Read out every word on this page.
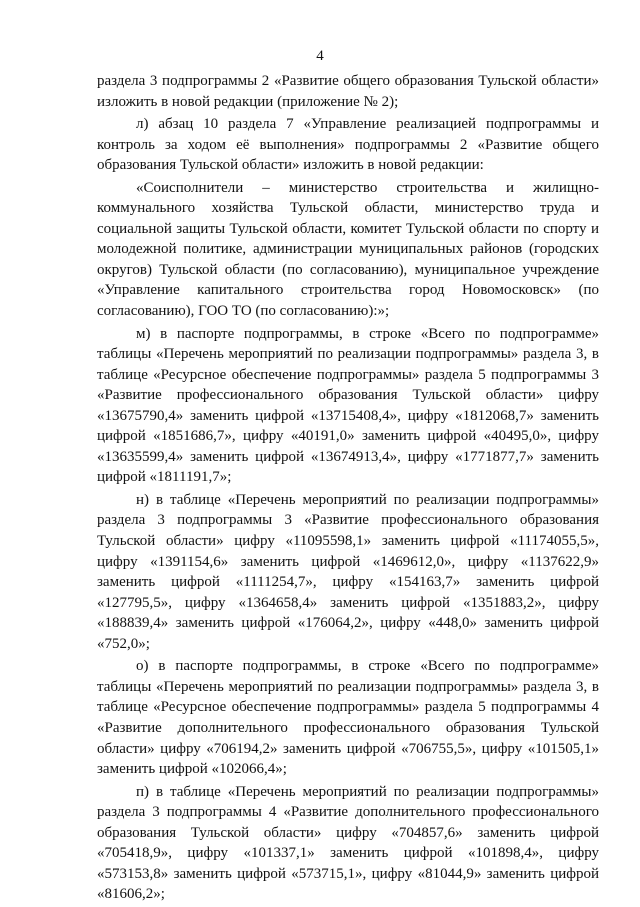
4

раздела 3 подпрограммы 2 «Развитие общего образования Тульской области» изложить в новой редакции (приложение № 2);

л) абзац 10 раздела 7 «Управление реализацией подпрограммы и контроль за ходом её выполнения» подпрограммы 2 «Развитие общего образования Тульской области» изложить в новой редакции:

«Соисполнители – министерство строительства и жилищно-коммунального хозяйства Тульской области, министерство труда и социальной защиты Тульской области, комитет Тульской области по спорту и молодежной политике, администрации муниципальных районов (городских округов) Тульской области (по согласованию), муниципальное учреждение «Управление капитального строительства город Новомосковск» (по согласованию), ГОО ТО (по согласованию):»;

м) в паспорте подпрограммы, в строке «Всего по подпрограмме» таблицы «Перечень мероприятий по реализации подпрограммы» раздела 3, в таблице «Ресурсное обеспечение подпрограммы» раздела 5 подпрограммы 3 «Развитие профессионального образования Тульской области» цифру «13675790,4» заменить цифрой «13715408,4», цифру «1812068,7» заменить цифрой «1851686,7», цифру «40191,0» заменить цифрой «40495,0», цифру «13635599,4» заменить цифрой «13674913,4», цифру «1771877,7» заменить цифрой «1811191,7»;

н) в таблице «Перечень мероприятий по реализации подпрограммы» раздела 3 подпрограммы 3 «Развитие профессионального образования Тульской области» цифру «11095598,1» заменить цифрой «11174055,5», цифру «1391154,6» заменить цифрой «1469612,0», цифру «1137622,9» заменить цифрой «1111254,7», цифру «154163,7» заменить цифрой «127795,5», цифру «1364658,4» заменить цифрой «1351883,2», цифру «188839,4» заменить цифрой «176064,2», цифру «448,0» заменить цифрой «752,0»;

о) в паспорте подпрограммы, в строке «Всего по подпрограмме» таблицы «Перечень мероприятий по реализации подпрограммы» раздела 3, в таблице «Ресурсное обеспечение подпрограммы» раздела 5 подпрограммы 4 «Развитие дополнительного профессионального образования Тульской области» цифру «706194,2» заменить цифрой «706755,5», цифру «101505,1» заменить цифрой «102066,4»;

п) в таблице «Перечень мероприятий по реализации подпрограммы» раздела 3 подпрограммы 4 «Развитие дополнительного профессионального образования Тульской области» цифру «704857,6» заменить цифрой «705418,9», цифру «101337,1» заменить цифрой «101898,4», цифру «573153,8» заменить цифрой «573715,1», цифру «81044,9» заменить цифрой «81606,2»;
